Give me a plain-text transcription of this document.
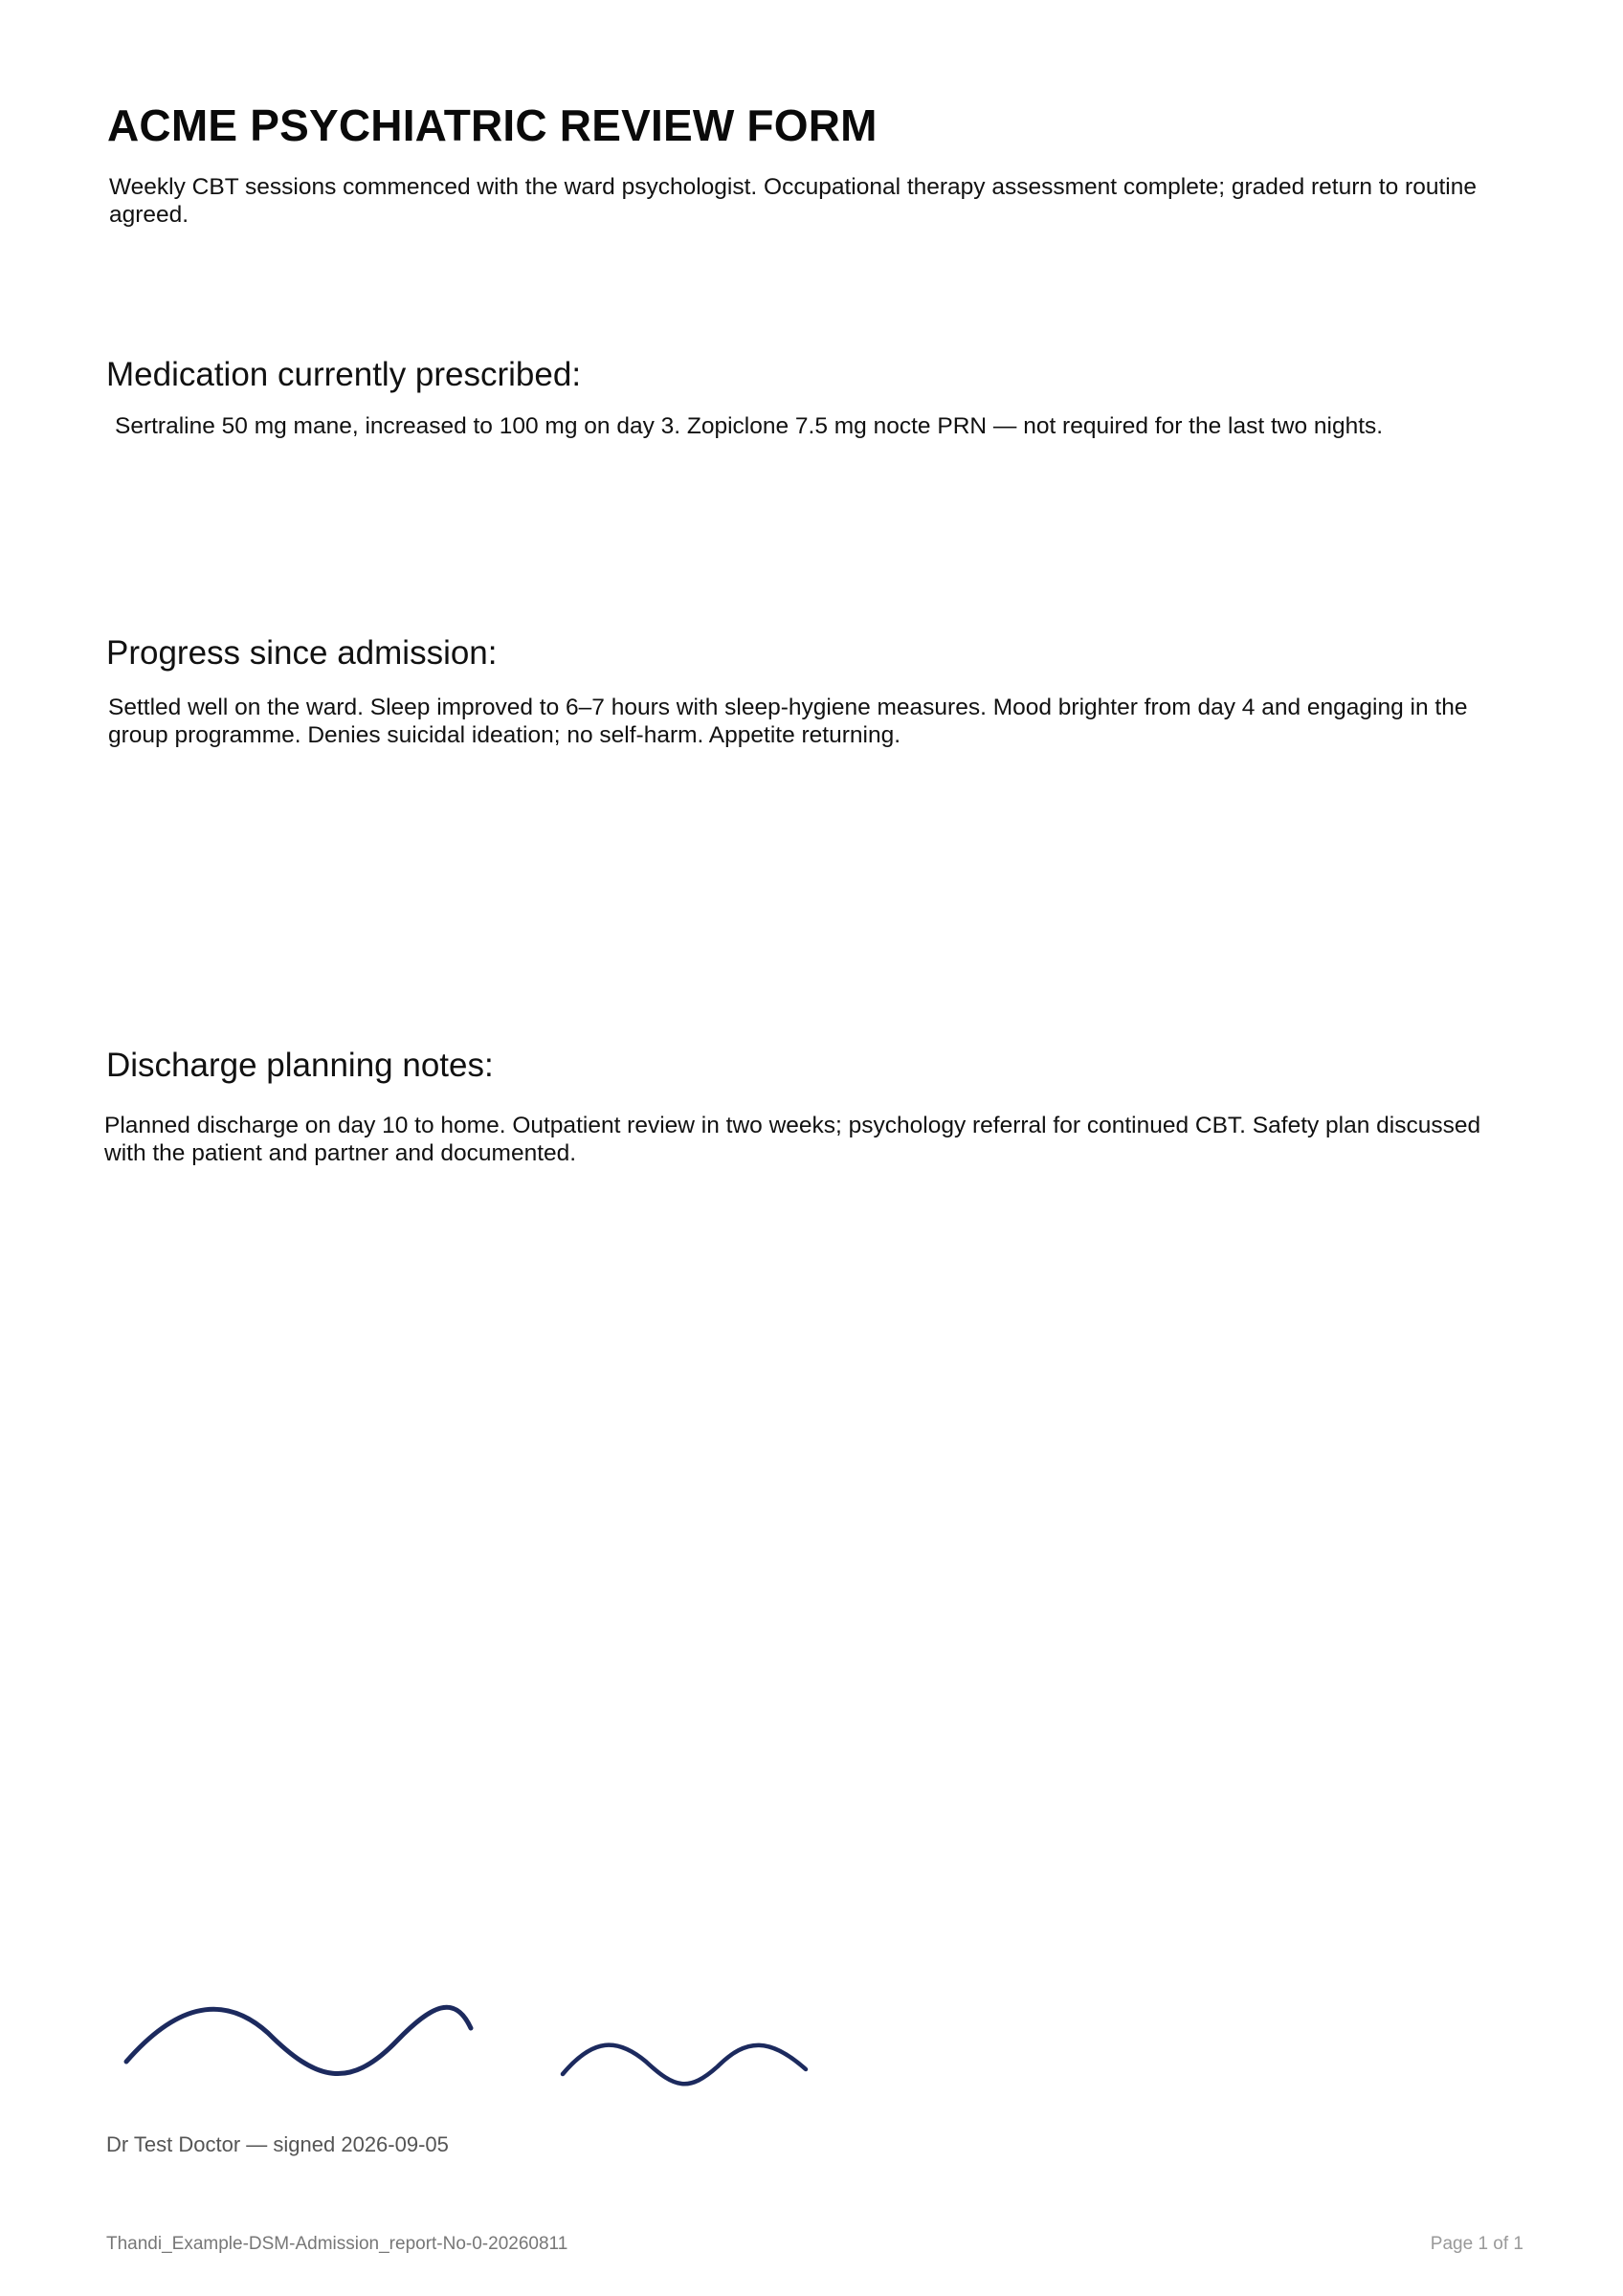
ACME PSYCHIATRIC REVIEW FORM

Weekly CBT sessions commenced with the ward psychologist. Occupational therapy assessment complete; graded return to routine agreed.

Medication currently prescribed:

Sertraline 50 mg mane, increased to 100 mg on day 3. Zopiclone 7.5 mg nocte PRN — not required for the last two nights.

Progress since admission:

Settled well on the ward. Sleep improved to 6–7 hours with sleep-hygiene measures. Mood brighter from day 4 and engaging in the group programme. Denies suicidal ideation; no self-harm. Appetite returning.

Discharge planning notes:

Planned discharge on day 10 to home. Outpatient review in two weeks; psychology referral for continued CBT. Safety plan discussed with the patient and partner and documented.

Dr Test Doctor — signed 2026-09-05

Thandi_Example-DSM-Admission_report-No-0-20260811	Page 1 of 1
